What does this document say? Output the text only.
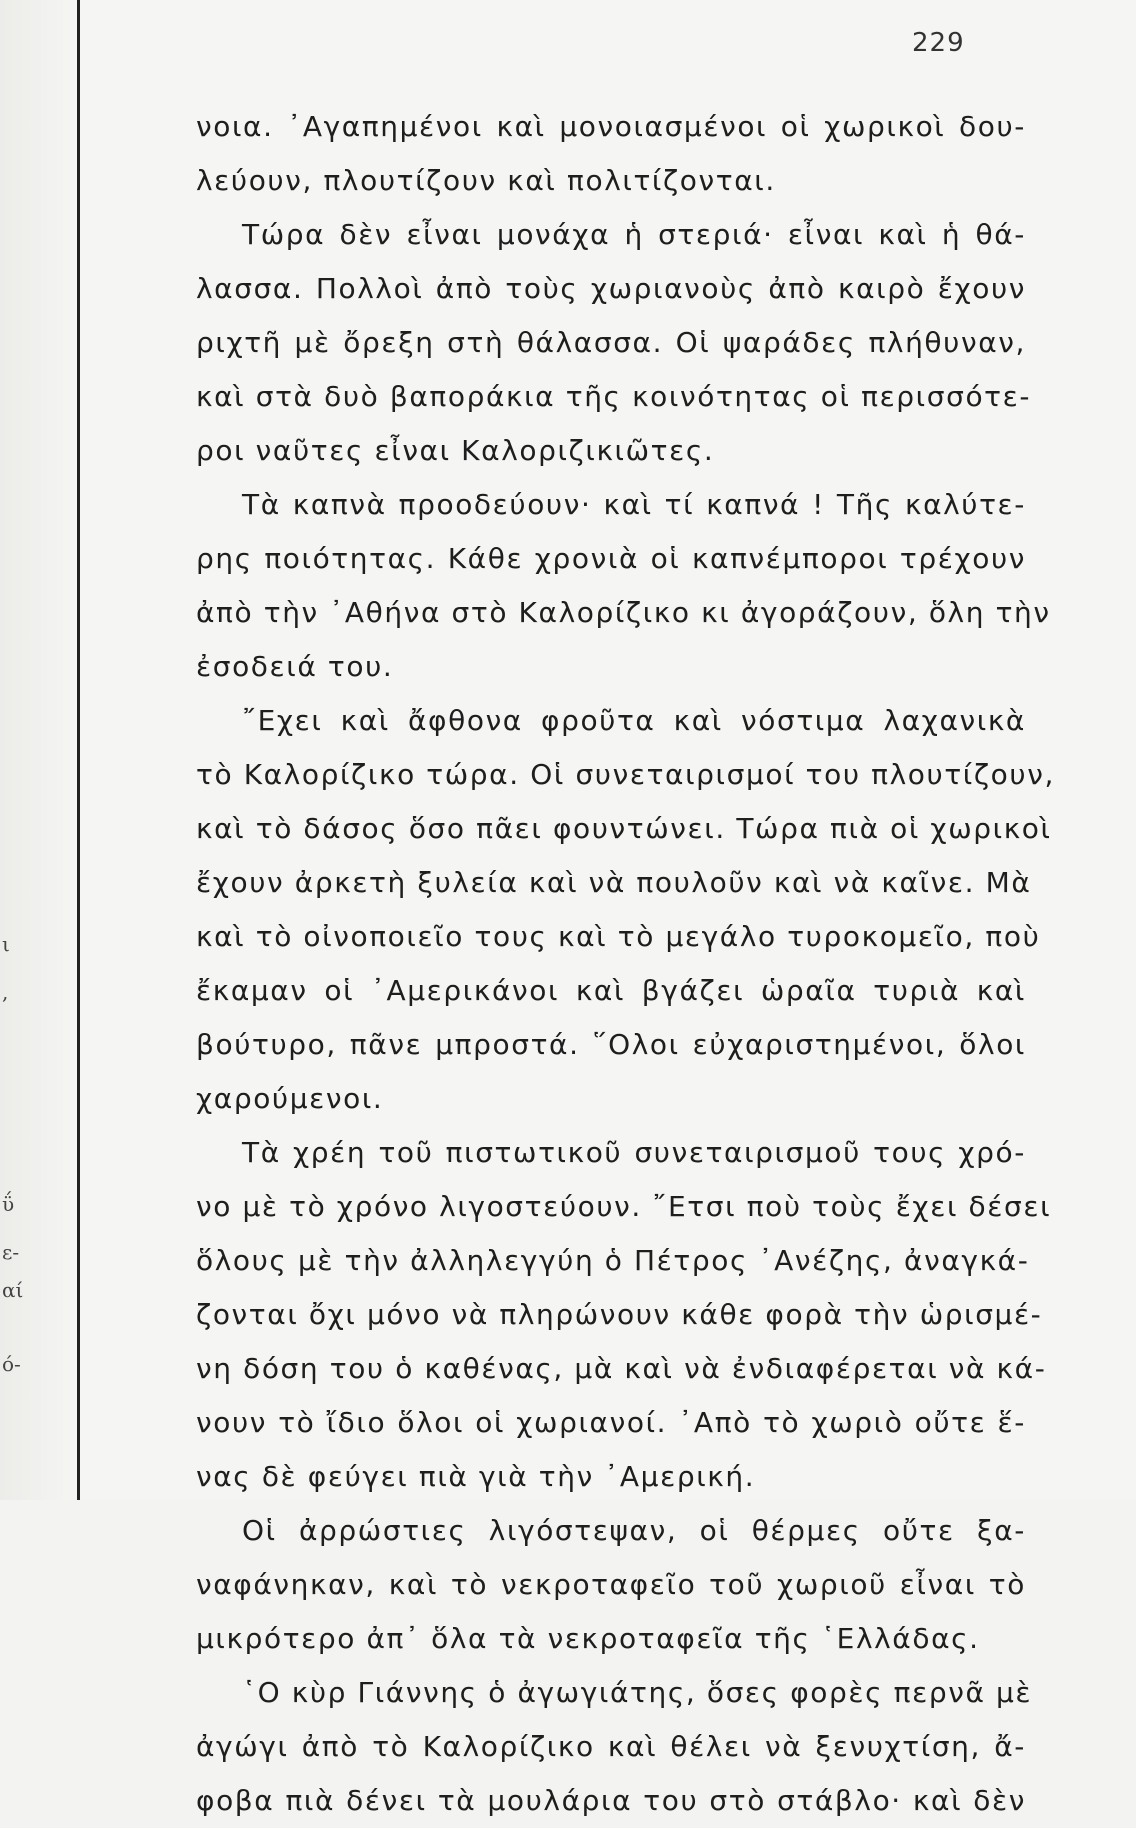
ι
,
ΰ
ε-
αί
ό-
229
νοια. ᾿Αγαπημένοι καὶ μονοιασμένοι οἱ χωρικοὶ δου-
λεύουν, πλουτίζουν καὶ πολιτίζονται.
Τώρα δὲν εἶναι μονάχα ἡ στεριά· εἶναι καὶ ἡ θά-
λασσα. Πολλοὶ ἀπὸ τοὺς χωριανοὺς ἀπὸ καιρὸ ἔχουν
ριχτῆ μὲ ὄρεξη στὴ θάλασσα. Οἱ ψαράδες πλήθυναν,
καὶ στὰ δυὸ βαποράκια τῆς κοινότητας οἱ περισσότε-
ροι ναῦτες εἶναι Καλοριζικιῶτες.
Τὰ καπνὰ προοδεύουν· καὶ τί καπνά ! Τῆς καλύτε-
ρης ποιότητας. Κάθε χρονιὰ οἱ καπνέμποροι τρέχουν
ἀπὸ τὴν ᾿Αθήνα στὸ Καλορίζικο κι ἀγοράζουν, ὅλη τὴν
ἐσοδειά του.
῎Εχει καὶ ἄφθονα φροῦτα καὶ νόστιμα λαχανικὰ
τὸ Καλορίζικο τώρα. Οἱ συνεταιρισμοί του πλουτίζουν,
καὶ τὸ δάσος ὅσο πᾶει φουντώνει. Τώρα πιὰ οἱ χωρικοὶ
ἔχουν ἀρκετὴ ξυλεία καὶ νὰ πουλοῦν καὶ νὰ καῖνε. Μὰ
καὶ τὸ οἰνοποιεῖο τους καὶ τὸ μεγάλο τυροκομεῖο, ποὺ
ἔκαμαν οἱ ᾿Αμερικάνοι καὶ βγάζει ὡραῖα τυριὰ καὶ
βούτυρο, πᾶνε μπροστά. ῞Ολοι εὐχαριστημένοι, ὅλοι
χαρούμενοι.
Τὰ χρέη τοῦ πιστωτικοῦ συνεταιρισμοῦ τους χρό-
νο μὲ τὸ χρόνο λιγοστεύουν. ῎Ετσι ποὺ τοὺς ἔχει δέσει
ὅλους μὲ τὴν ἀλληλεγγύη ὁ Πέτρος ᾿Ανέζης, ἀναγκά-
ζονται ὄχι μόνο νὰ πληρώνουν κάθε φορὰ τὴν ὡρισμέ-
νη δόση του ὁ καθένας, μὰ καὶ νὰ ἐνδιαφέρεται νὰ κά-
νουν τὸ ἴδιο ὅλοι οἱ χωριανοί. ᾿Απὸ τὸ χωριὸ οὔτε ἕ-
νας δὲ φεύγει πιὰ γιὰ τὴν ᾿Αμερική.
Οἱ ἀρρώστιες λιγόστεψαν, οἱ θέρμες οὔτε ξα-
ναφάνηκαν, καὶ τὸ νεκροταφεῖο τοῦ χωριοῦ εἶναι τὸ
μικρότερο ἀπ᾿ ὅλα τὰ νεκροταφεῖα τῆς ῾Ελλάδας.
῾Ο κὺρ Γιάννης ὁ ἀγωγιάτης, ὅσες φορὲς περνᾶ μὲ
ἀγώγι ἀπὸ τὸ Καλορίζικο καὶ θέλει νὰ ξενυχτίση, ἄ-
φοβα πιὰ δένει τὰ μουλάρια του στὸ στάβλο· καὶ δὲν
